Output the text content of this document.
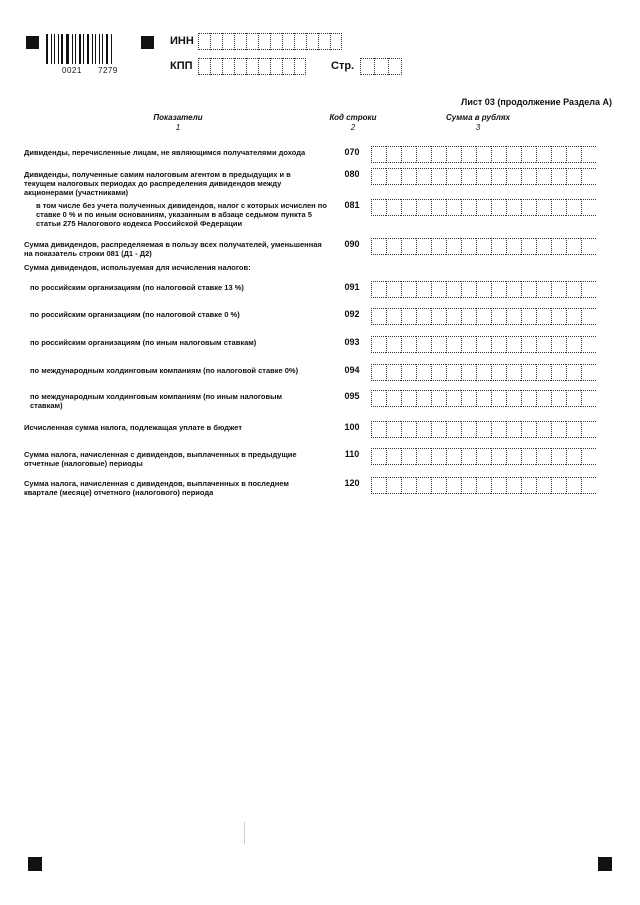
0021 7279
ИНН
КПП	Стр.
Лист 03 (продолжение Раздела А)
Показатели
1
Код строки
2
Сумма в рублях
3
Дивиденды, перечисленные лицам, не являющимся получателями дохода	070
Дивиденды, полученные самим налоговым агентом в предыдущих и в текущем налоговых периодах до распределения дивидендов между акционерами (участниками)
080
в том числе без учета полученных дивидендов, налог с которых исчислен по ставке 0 % и по иным основаниям, указанным в абзаце седьмом пункта 5 статьи 275 Налогового кодекса Российской Федерации
081
Сумма дивидендов, распределяемая в пользу всех получателей, уменьшенная на показатель строки 081 (Д1 - Д2)
090
по российским организациям (по налоговой ставке 13 %)	091
по российским организациям (по налоговой ставке 0 %)	092
по российским организациям (по иным налоговым ставкам)	093
по международным холдинговым компаниям (по налоговой ставке 0%)	094
по международным холдинговым компаниям (по иным налоговым ставкам)
095
Исчисленная сумма налога, подлежащая уплате в бюджет	100
Сумма налога, начисленная с дивидендов, выплаченных в предыдущие отчетные (налоговые) периоды
110
Сумма налога, начисленная с дивидендов, выплаченных в последнем квартале (месяце) отчетного (налогового) периода
120
Сумма дивидендов, используемая для исчисления налогов:
